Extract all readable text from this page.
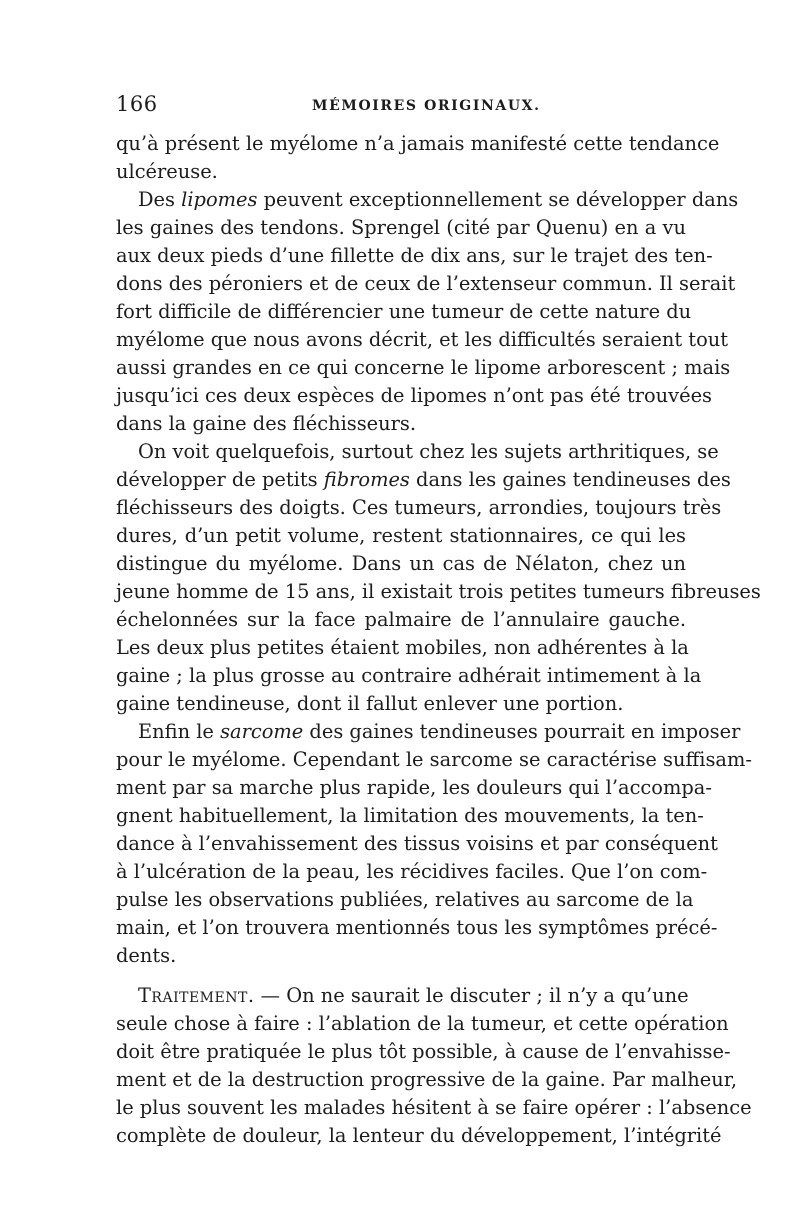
166	MÉMOIRES ORIGINAUX.
qu’à présent le myélome n’a jamais manifesté cette tendance
ulcéreuse.
Des lipomes peuvent exceptionnellement se développer dans
les gaines des tendons. Sprengel (cité par Quenu) en a vu
aux deux pieds d’une fillette de dix ans, sur le trajet des ten-
dons des péroniers et de ceux de l’extenseur commun. Il serait
fort difficile de différencier une tumeur de cette nature du
myélome que nous avons décrit, et les difficultés seraient tout
aussi grandes en ce qui concerne le lipome arborescent ; mais
jusqu’ici ces deux espèces de lipomes n’ont pas été trouvées
dans la gaine des fléchisseurs.
On voit quelquefois, surtout chez les sujets arthritiques, se
développer de petits fibromes dans les gaines tendineuses des
fléchisseurs des doigts. Ces tumeurs, arrondies, toujours très
dures, d’un petit volume, restent stationnaires, ce qui les
distingue du myélome. Dans un cas de Nélaton, chez un
jeune homme de 15 ans, il existait trois petites tumeurs fibreuses
échelonnées sur la face palmaire de l’annulaire gauche.
Les deux plus petites étaient mobiles, non adhérentes à la
gaine ; la plus grosse au contraire adhérait intimement à la
gaine tendineuse, dont il fallut enlever une portion.
Enfin le sarcome des gaines tendineuses pourrait en imposer
pour le myélome. Cependant le sarcome se caractérise suffisam-
ment par sa marche plus rapide, les douleurs qui l’accompa-
gnent habituellement, la limitation des mouvements, la ten-
dance à l’envahissement des tissus voisins et par conséquent
à l’ulcération de la peau, les récidives faciles. Que l’on com-
pulse les observations publiées, relatives au sarcome de la
main, et l’on trouvera mentionnés tous les symptômes précé-
dents.
Traitement. — On ne saurait le discuter ; il n’y a qu’une
seule chose à faire : l’ablation de la tumeur, et cette opération
doit être pratiquée le plus tôt possible, à cause de l’envahisse-
ment et de la destruction progressive de la gaine. Par malheur,
le plus souvent les malades hésitent à se faire opérer : l’absence
complète de douleur, la lenteur du développement, l’intégrité
